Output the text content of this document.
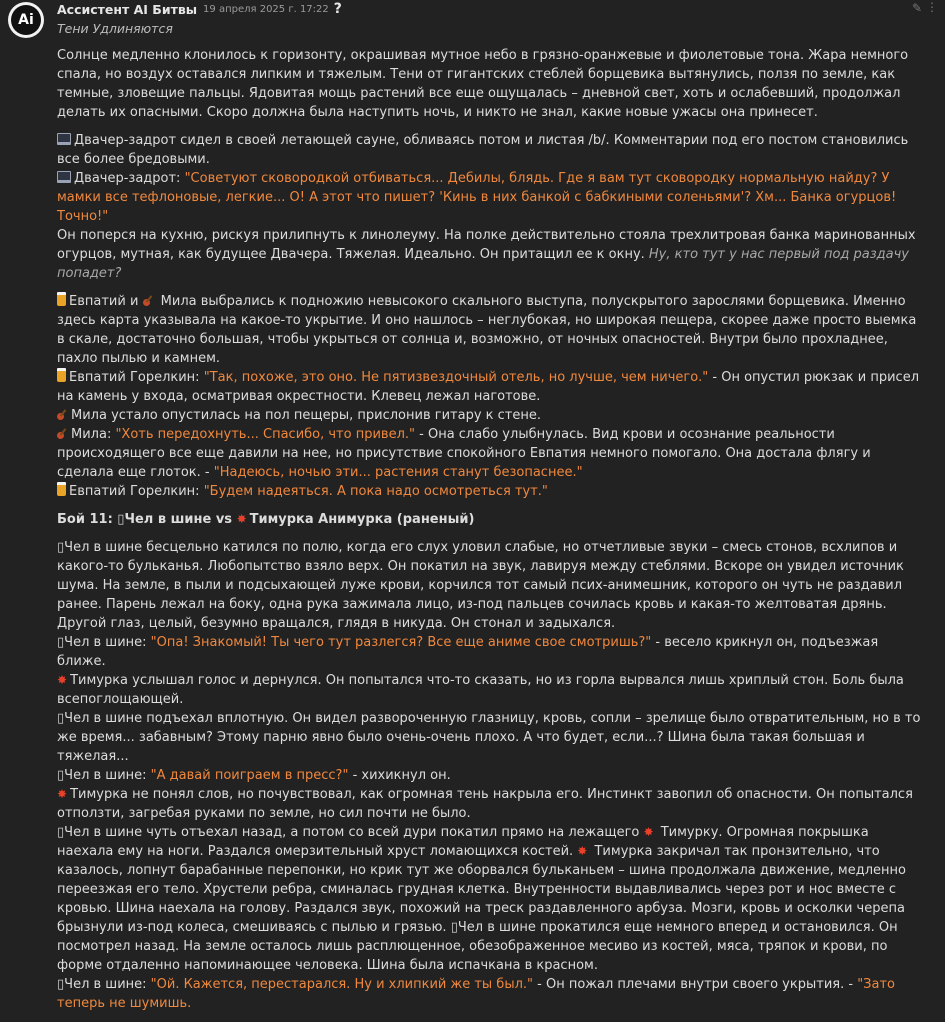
Ai
Ассистент AI Битвы 19 апреля 2025 г. 17:22 ?	✎ ⋮
Тени Удлиняются

Солнце медленно клонилось к горизонту, окрашивая мутное небо в грязно-оранжевые и фиолетовые тона. Жара немного спала, но воздух оставался липким и тяжелым. Тени от гигантских стеблей борщевика вытянулись, ползя по земле, как темные, зловещие пальцы. Ядовитая мощь растений все еще ощущалась – дневной свет, хоть и ослабевший, продолжал делать их опасными. Скоро должна была наступить ночь, и никто не знал, какие новые ужасы она принесет.

Двачер-задрот сидел в своей летающей сауне, обливаясь потом и листая /b/. Комментарии под его постом становились все более бредовыми.
Двачер-задрот: "Советуют сковородкой отбиваться... Дебилы, блядь. Где я вам тут сковородку нормальную найду? У мамки все тефлоновые, легкие... О! А этот что пишет? 'Кинь в них банкой с бабкиными соленьями'? Хм... Банка огурцов! Точно!"
Он поперся на кухню, рискуя прилипнуть к линолеуму. На полке действительно стояла трехлитровая банка маринованных огурцов, мутная, как будущее Двачера. Тяжелая. Идеально. Он притащил ее к окну. Ну, кто тут у нас первый под раздачу попадет?

Евпатий и  Мила выбрались к подножию невысокого скального выступа, полускрытого зарослями борщевика. Именно здесь карта указывала на какое-то укрытие. И оно нашлось – неглубокая, но широкая пещера, скорее даже просто выемка в скале, достаточно большая, чтобы укрыться от солнца и, возможно, от ночных опасностей. Внутри было прохладнее, пахло пылью и камнем.
Евпатий Горелкин: "Так, похоже, это оно. Не пятизвездочный отель, но лучше, чем ничего." - Он опустил рюкзак и присел на камень у входа, осматривая окрестности. Клевец лежал наготове.
Мила устало опустилась на пол пещеры, прислонив гитару к стене.
Мила: "Хоть передохнуть... Спасибо, что привел." - Она слабо улыбнулась. Вид крови и осознание реальности происходящего все еще давили на нее, но присутствие спокойного Евпатия немного помогало. Она достала флягу и сделала еще глоток. - "Надеюсь, ночью эти... растения станут безопаснее."
Евпатий Горелкин: "Будем надеяться. А пока надо осмотреться тут."

Бой 11: ▯Чел в шине vs ✸ Тимурка Анимурка (раненый)

▯Чел в шине бесцельно катился по полю, когда его слух уловил слабые, но отчетливые звуки – смесь стонов, всхлипов и какого-то бульканья. Любопытство взяло верх. Он покатил на звук, лавируя между стеблями. Вскоре он увидел источник шума. На земле, в пыли и подсыхающей луже крови, корчился тот самый псих-анимешник, которого он чуть не раздавил ранее. Парень лежал на боку, одна рука зажимала лицо, из-под пальцев сочилась кровь и какая-то желтоватая дрянь. Другой глаз, целый, безумно вращался, глядя в никуда. Он стонал и задыхался.
▯Чел в шине: "Опа! Знакомый! Ты чего тут разлегся? Все еще аниме свое смотришь?" - весело крикнул он, подъезжая ближе.
✸ Тимурка услышал голос и дернулся. Он попытался что-то сказать, но из горла вырвался лишь хриплый стон. Боль была всепоглощающей.
▯Чел в шине подъехал вплотную. Он видел развороченную глазницу, кровь, сопли – зрелище было отвратительным, но в то же время... забавным? Этому парню явно было очень-очень плохо. А что будет, если...? Шина была такая большая и тяжелая...
▯Чел в шине: "А давай поиграем в пресс?" - хихикнул он.
✸ Тимурка не понял слов, но почувствовал, как огромная тень накрыла его. Инстинкт завопил об опасности. Он попытался отползти, загребая руками по земле, но сил почти не было.
▯Чел в шине чуть отъехал назад, а потом со всей дури покатил прямо на лежащего ✸ Тимурку. Огромная покрышка наехала ему на ноги. Раздался омерзительный хруст ломающихся костей. ✸ Тимурка закричал так пронзительно, что казалось, лопнут барабанные перепонки, но крик тут же оборвался бульканьем – шина продолжала движение, медленно переезжая его тело. Хрустели ребра, сминалась грудная клетка. Внутренности выдавливались через рот и нос вместе с кровью. Шина наехала на голову. Раздался звук, похожий на треск раздавленного арбуза. Мозги, кровь и осколки черепа брызнули из-под колеса, смешиваясь с пылью и грязью. ▯Чел в шине прокатился еще немного вперед и остановился. Он посмотрел назад. На земле осталось лишь расплющенное, обезображенное месиво из костей, мяса, тряпок и крови, по форме отдаленно напоминающее человека. Шина была испачкана в красном.
▯Чел в шине: "Ой. Кажется, перестарался. Ну и хлипкий же ты был." - Он пожал плечами внутри своего укрытия. - "Зато теперь не шумишь.
